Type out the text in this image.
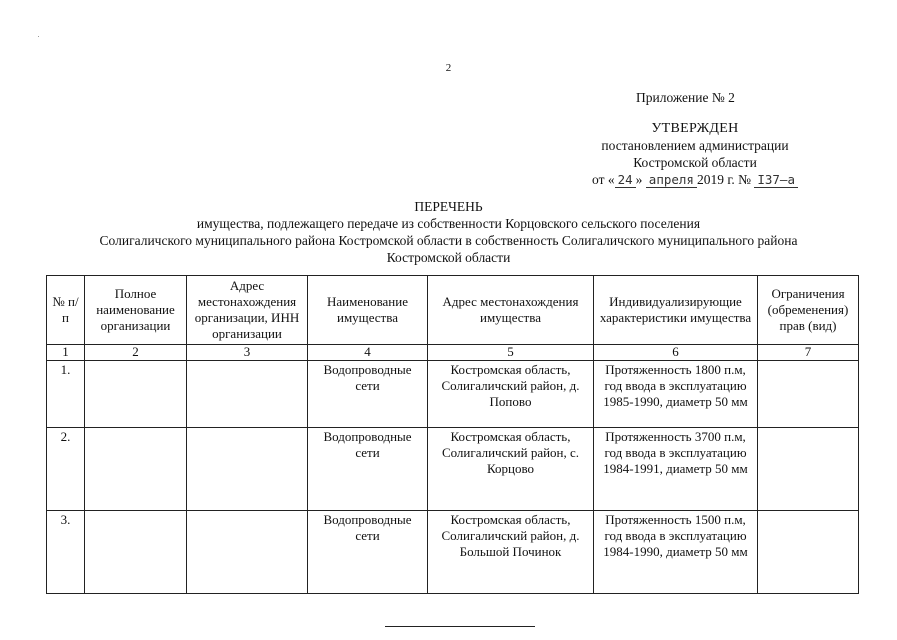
2
Приложение № 2
УТВЕРЖДЕН
постановлением администрации
Костромской области
от « 24 » апреля 2019 г. № I37–а
ПЕРЕЧЕНЬ
имущества, подлежащего передаче из собственности Корцовского сельского поселения
Солигаличского муниципального района Костромской области в собственность Солигаличского муниципального района
Костромской области
№ п/п	Полное наименование организации	Адрес местонахождения организации, ИНН организации	Наименование имущества	Адрес местонахождения имущества	Индивидуализирующие характеристики имущества	Ограничения (обременения) прав (вид)
1	2	3	4	5	6	7
1.			Водопроводные сети	Костромская область, Солигаличский район, д. Попово	Протяженность 1800 п.м, год ввода в эксплуатацию 1985-1990, диаметр 50 мм	
2.			Водопроводные сети	Костромская область, Солигаличский район, с. Корцово	Протяженность 3700 п.м, год ввода в эксплуатацию 1984-1991, диаметр 50 мм	
3.			Водопроводные сети	Костромская область, Солигаличский район, д. Большой Починок	Протяженность 1500 п.м, год ввода в эксплуатацию 1984-1990, диаметр 50 мм	
